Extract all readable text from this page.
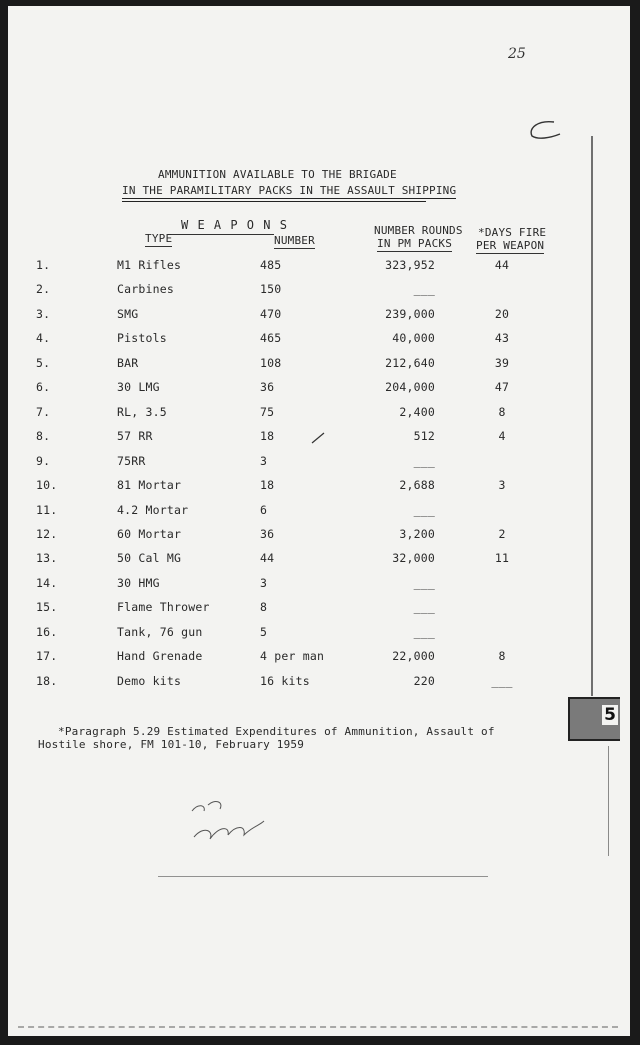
25
AMMUNITION AVAILABLE TO THE BRIGADE
IN THE PARAMILITARY PACKS IN THE ASSAULT SHIPPING
W E A P O N S
TYPE	NUMBER
NUMBER ROUNDS
IN PM PACKS
*DAYS FIRE
PER WEAPON
1.	M1 Rifles	485	323,952	44
2.	Carbines	150	___
3.	SMG	470	239,000	20
4.	Pistols	465	40,000	43
5.	BAR	108	212,640	39
6.	30 LMG	36	204,000	47
7.	RL, 3.5	75	2,400	8
8.	57 RR	18	512	4
9.	75RR	3	___
10.	81 Mortar	18	2,688	3
11.	4.2 Mortar	6	___
12.	60 Mortar	36	3,200	2
13.	50 Cal MG	44	32,000	11
14.	30 HMG	3	___
15.	Flame Thrower	8	___
16.	Tank, 76 gun	5	___
17.	Hand Grenade	4 per man	22,000	8
18.	Demo kits	16 kits	220	___
*Paragraph 5.29 Estimated Expenditures of Ammunition, Assault of
Hostile shore, FM 101-10, February 1959
5
